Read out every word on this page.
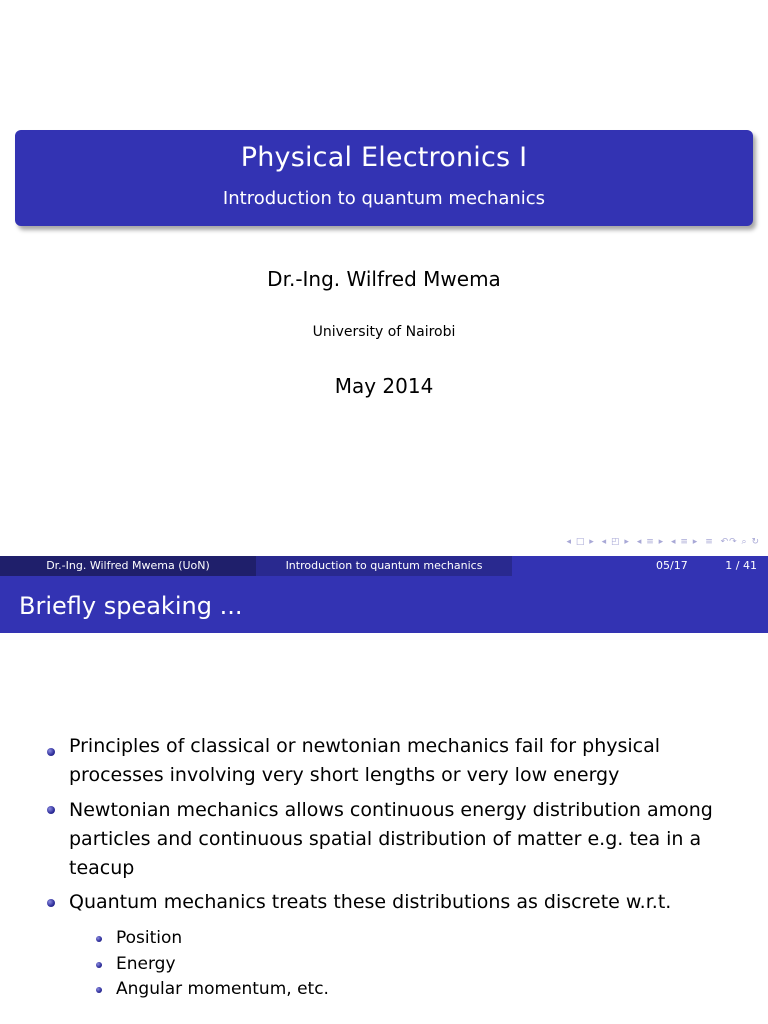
Physical Electronics I
Introduction to quantum mechanics
Dr.-Ing. Wilfred Mwema
University of Nairobi
May 2014
◂ □ ▸ ◂ ◰ ▸ ◂ ≡ ▸ ◂ ≡ ▸ ≡ ↶↷ ⌕ ↻
Dr.-Ing. Wilfred Mwema (UoN)	Introduction to quantum mechanics	05/17	1 / 41
Briefly speaking ...
Principles of classical or newtonian mechanics fail for physical processes involving very short lengths or very low energy
Newtonian mechanics allows continuous energy distribution among particles and continuous spatial distribution of matter e.g. tea in a teacup
Quantum mechanics treats these distributions as discrete w.r.t.
Position
Energy
Angular momentum, etc.
